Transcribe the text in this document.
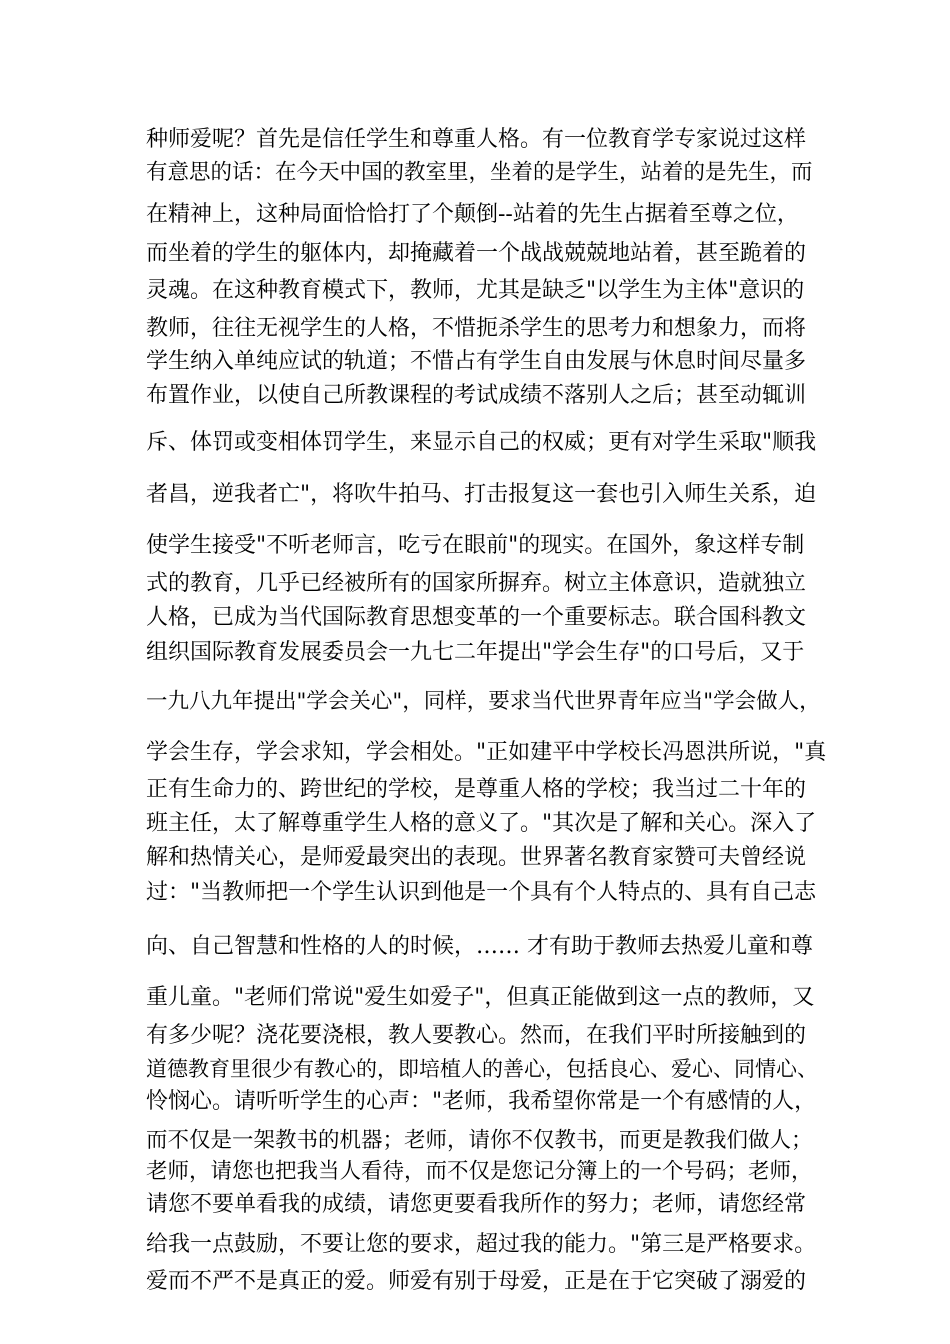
种师爱呢？首先是信任学生和尊重人格。有一位教育学专家说过这样
有意思的话：在今天中国的教室里，坐着的是学生，站着的是先生，而
在精神上，这种局面恰恰打了个颠倒--站着的先生占据着至尊之位，
而坐着的学生的躯体内，却掩藏着一个战战兢兢地站着，甚至跪着的
灵魂。在这种教育模式下，教师，尤其是缺乏"以学生为主体"意识的
教师，往往无视学生的人格，不惜扼杀学生的思考力和想象力，而将
学生纳入单纯应试的轨道；不惜占有学生自由发展与休息时间尽量多
布置作业，以使自己所教课程的考试成绩不落别人之后；甚至动辄训
斥、体罚或变相体罚学生，来显示自己的权威；更有对学生采取"顺我
者昌，逆我者亡"，将吹牛拍马、打击报复这一套也引入师生关系，迫
使学生接受"不听老师言，吃亏在眼前"的现实。在国外，象这样专制
式的教育，几乎已经被所有的国家所摒弃。树立主体意识，造就独立
人格，已成为当代国际教育思想变革的一个重要标志。联合国科教文
组织国际教育发展委员会一九七二年提出"学会生存"的口号后，又于
一九八九年提出"学会关心"，同样，要求当代世界青年应当"学会做人，
学会生存，学会求知，学会相处。"正如建平中学校长冯恩洪所说，"真
正有生命力的、跨世纪的学校，是尊重人格的学校；我当过二十年的
班主任，太了解尊重学生人格的意义了。"其次是了解和关心。深入了
解和热情关心，是师爱最突出的表现。世界著名教育家赞可夫曾经说
过："当教师把一个学生认识到他是一个具有个人特点的、具有自己志
向、自己智慧和性格的人的时候，…… 才有助于教师去热爱儿童和尊
重儿童。"老师们常说"爱生如爱子"，但真正能做到这一点的教师，又
有多少呢？浇花要浇根，教人要教心。然而，在我们平时所接触到的
道德教育里很少有教心的，即培植人的善心，包括良心、爱心、同情心、
怜悯心。请听听学生的心声："老师，我希望你常是一个有感情的人，
而不仅是一架教书的机器；老师，请你不仅教书，而更是教我们做人；
老师，请您也把我当人看待，而不仅是您记分簿上的一个号码；老师，
请您不要单看我的成绩，请您更要看我所作的努力；老师，请您经常
给我一点鼓励，不要让您的要求，超过我的能力。"第三是严格要求。
爱而不严不是真正的爱。师爱有别于母爱，正是在于它突破了溺爱的
